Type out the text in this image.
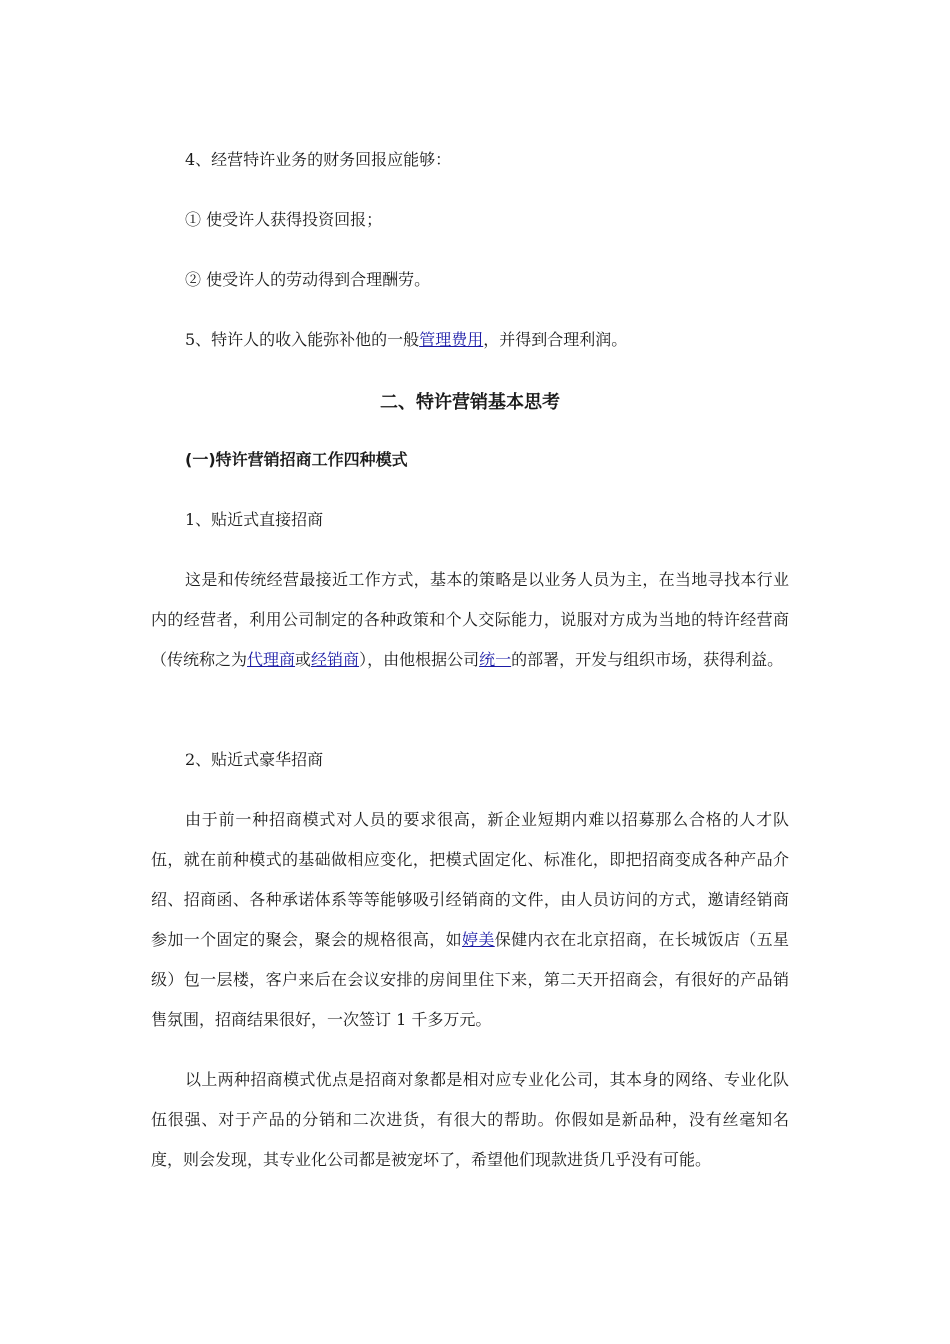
4、经营特许业务的财务回报应能够：
① 使受许人获得投资回报；
② 使受许人的劳动得到合理酬劳。
5、特许人的收入能弥补他的一般管理费用，并得到合理利润。
二、特许营销基本思考
(一)特许营销招商工作四种模式
1、贴近式直接招商
这是和传统经营最接近工作方式，基本的策略是以业务人员为主，在当地寻找本行业内的经营者，利用公司制定的各种政策和个人交际能力，说服对方成为当地的特许经营商（传统称之为代理商或经销商），由他根据公司统一的部署，开发与组织市场，获得利益。
2、贴近式豪华招商
由于前一种招商模式对人员的要求很高，新企业短期内难以招募那么合格的人才队伍，就在前种模式的基础做相应变化，把模式固定化、标准化，即把招商变成各种产品介绍、招商函、各种承诺体系等等能够吸引经销商的文件，由人员访问的方式，邀请经销商参加一个固定的聚会，聚会的规格很高，如婷美保健内衣在北京招商，在长城饭店（五星级）包一层楼，客户来后在会议安排的房间里住下来，第二天开招商会，有很好的产品销售氛围，招商结果很好，一次签订 1 千多万元。
以上两种招商模式优点是招商对象都是相对应专业化公司，其本身的网络、专业化队伍很强、对于产品的分销和二次进货，有很大的帮助。你假如是新品种，没有丝毫知名度，则会发现，其专业化公司都是被宠坏了，希望他们现款进货几乎没有可能。
